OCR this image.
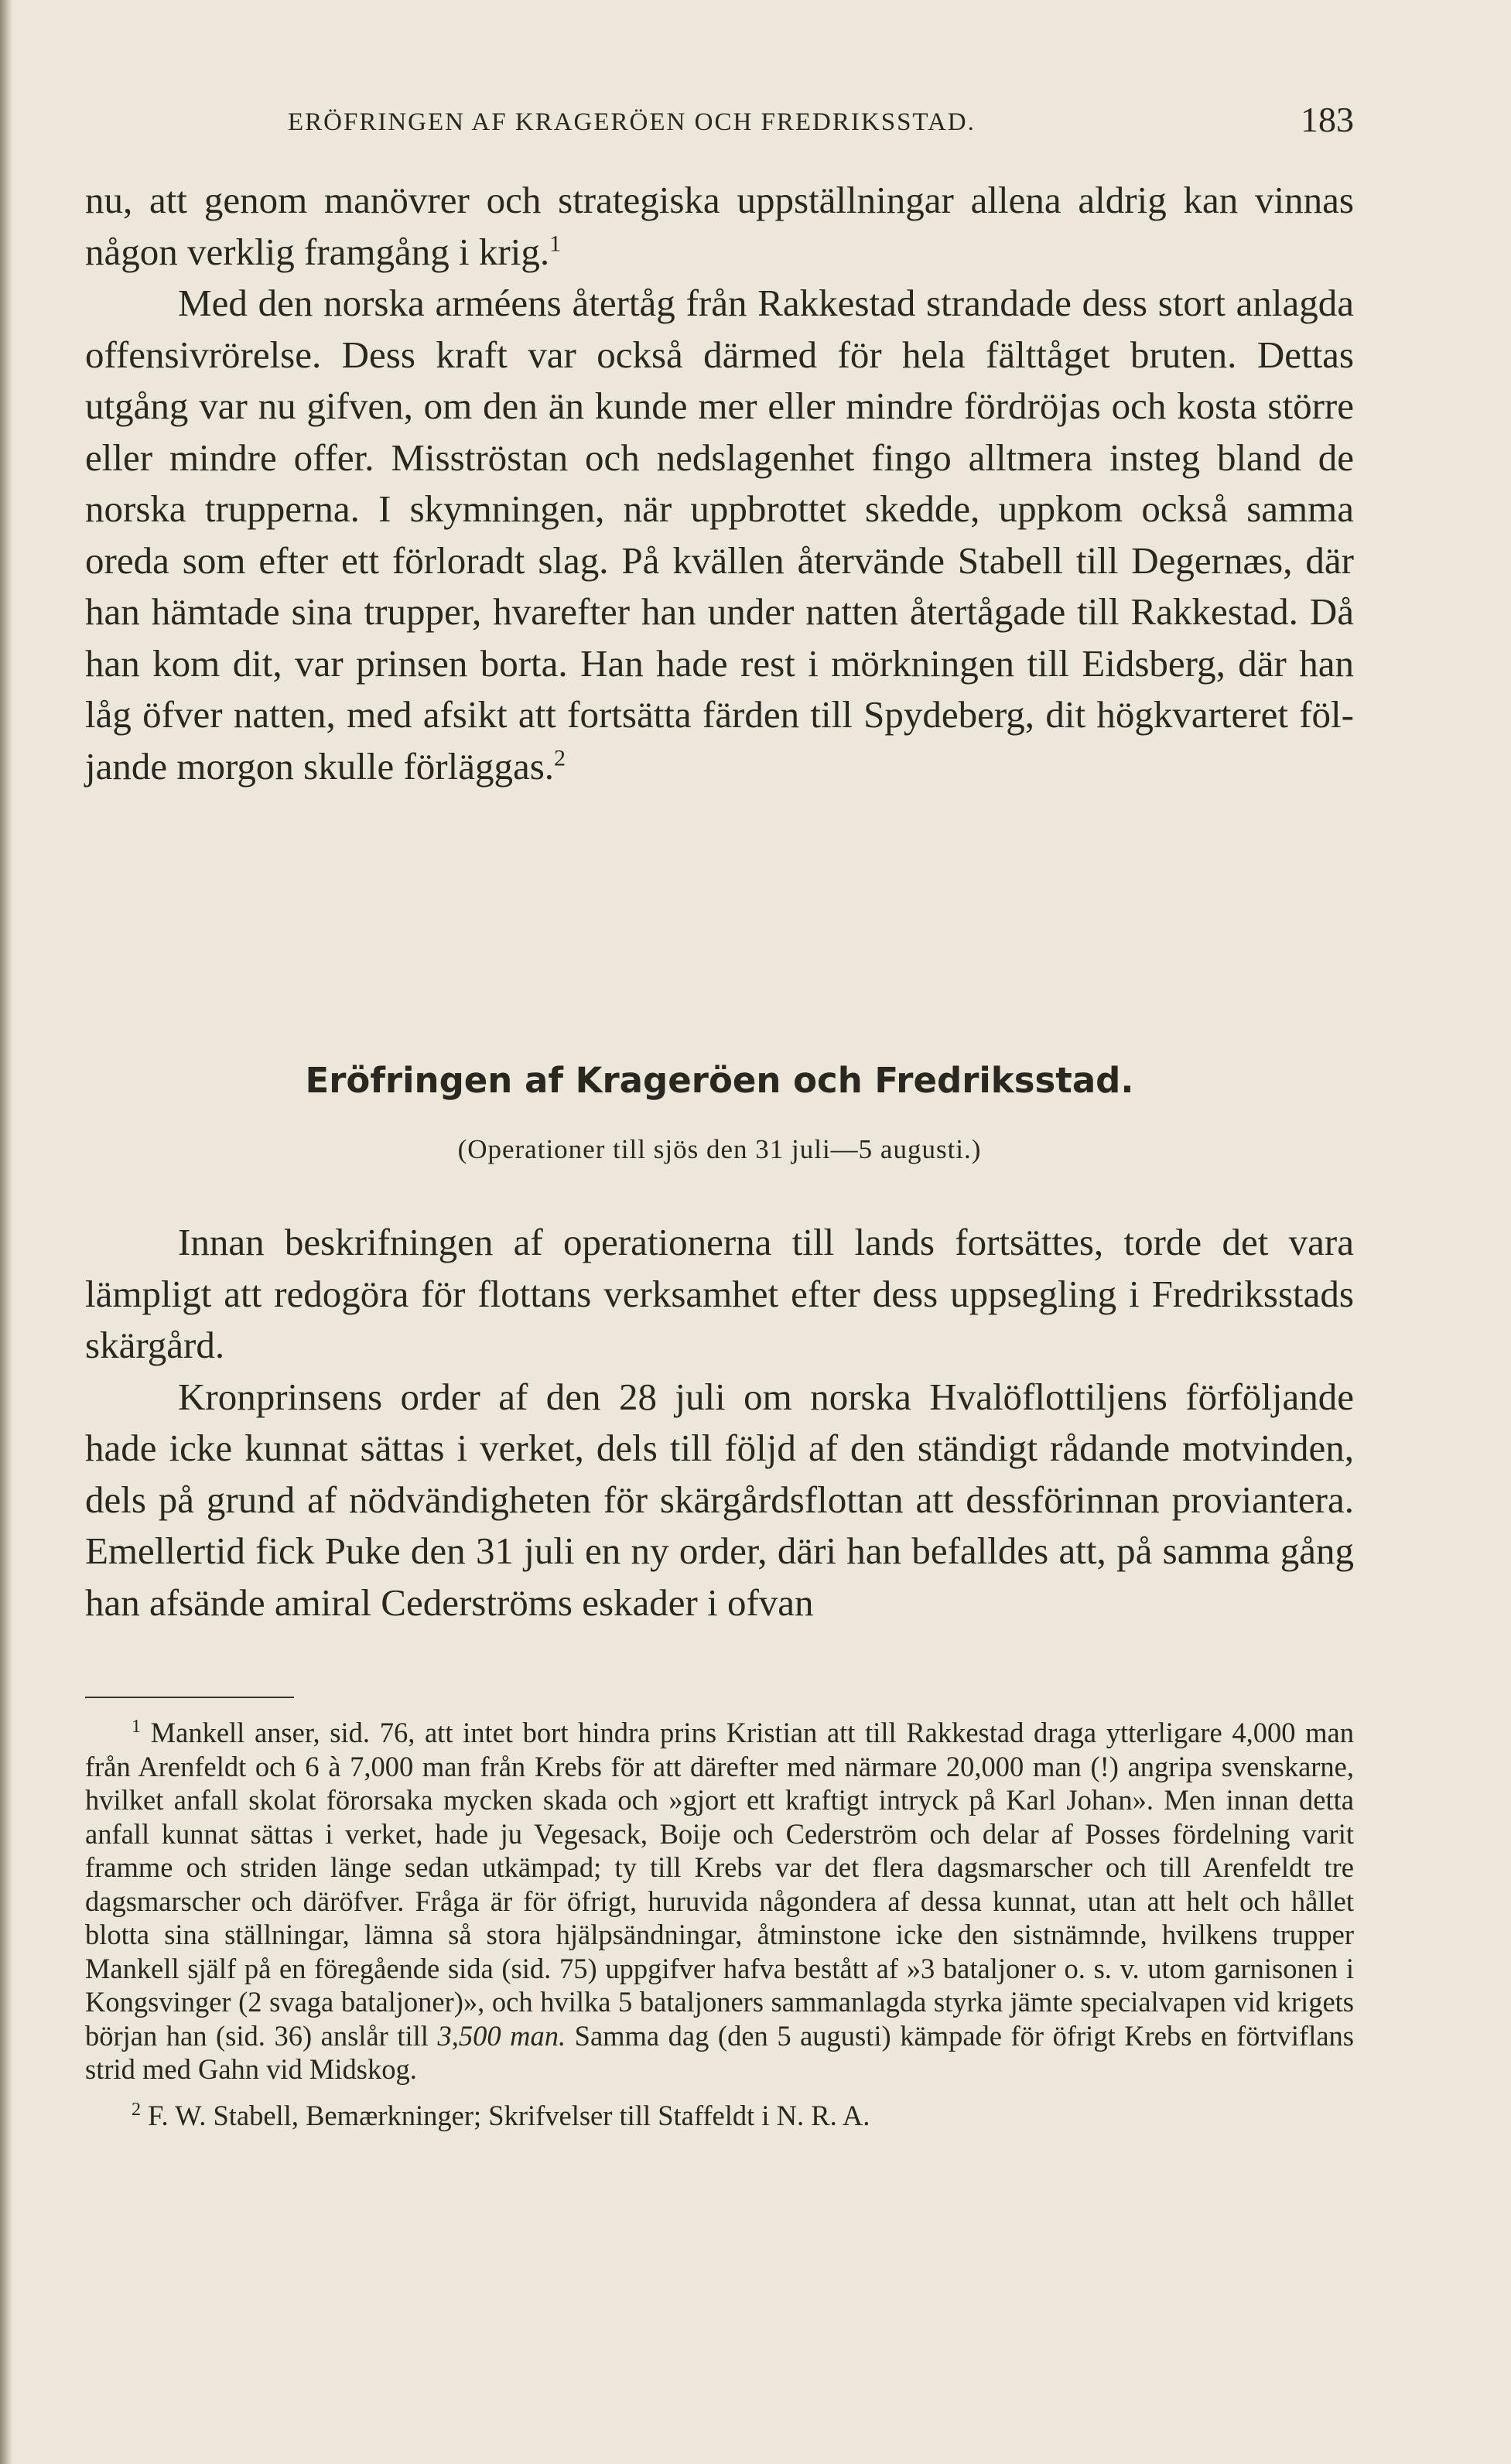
ERÖFRINGEN AF KRAGERÖEN OCH FREDRIKSSTAD.	183

nu, att genom manövrer och strategiska uppställningar allena aldrig kan vinnas någon verklig framgång i krig.$^1$

Med den norska arméens återtåg från Rakkestad strandade dess stort anlagda offensivrörelse. Dess kraft var också därmed för hela fälttåget bruten. Dettas utgång var nu gifven, om den än kunde mer eller mindre fördröjas och kosta större eller mindre offer. Misströstan och nedslagenhet fingo alltmera insteg bland de norska trupperna. I skymningen, när uppbrottet skedde, uppkom också samma oreda som efter ett förloradt slag. På kvällen återvände Stabell till Degernæs, där han hämtade sina trupper, hvarefter han under natten återtågade till Rakkestad. Då han kom dit, var prinsen borta. Han hade rest i mörkningen till Eidsberg, där han låg öfver natten, med afsikt att fortsätta färden till Spydeberg, dit högkvarteret följande morgon skulle förläggas.$^2$

Eröfringen af Krageröen och Fredriksstad.
(Operationer till sjös den 31 juli—5 augusti.)

Innan beskrifningen af operationerna till lands fortsättes, torde det vara lämpligt att redogöra för flottans verksamhet efter dess uppsegling i Fredriksstads skärgård.

Kronprinsens order af den 28 juli om norska Hvalöflottiljens förföljande hade icke kunnat sättas i verket, dels till följd af den ständigt rådande motvinden, dels på grund af nödvändigheten för skärgårdsflottan att dessförinnan proviantera. Emellertid fick Puke den 31 juli en ny order, däri han befalldes att, på samma gång han afsände amiral Cederströms eskader i ofvan

$^1$ Mankell anser, sid. 76, att intet bort hindra prins Kristian att till Rakkestad draga ytterligare 4,000 man från Arenfeldt och 6 à 7,000 man från Krebs för att därefter med närmare 20,000 man (!) angripa svenskarne, hvilket anfall skolat förorsaka mycken skada och »gjort ett kraftigt intryck på Karl Johan». Men innan detta anfall kunnat sättas i verket, hade ju Vegesack, Boije och Cederström och delar af Posses fördelning varit framme och striden länge sedan utkämpad; ty till Krebs var det flera dagsmarscher och till Arenfeldt tre dagsmarscher och däröfver. Fråga är för öfrigt, huruvida någondera af dessa kunnat, utan att helt och hållet blotta sina ställningar, lämna så stora hjälpsändningar, åtminstone icke den sistnämnde, hvilkens trupper Mankell själf på en föregående sida (sid. 75) uppgifver hafva bestått af »3 bataljoner o. s. v. utom garnisonen i Kongsvinger (2 svaga bataljoner)», och hvilka 5 bataljoners sammanlagda styrka jämte specialvapen vid krigets början han (sid. 36) anslår till 3,500 man. Samma dag (den 5 augusti) kämpade för öfrigt Krebs en förtviflans strid med Gahn vid Midskog.

$^2$ F. W. Stabell, Bemærkninger; Skrifvelser till Staffeldt i N. R. A.
